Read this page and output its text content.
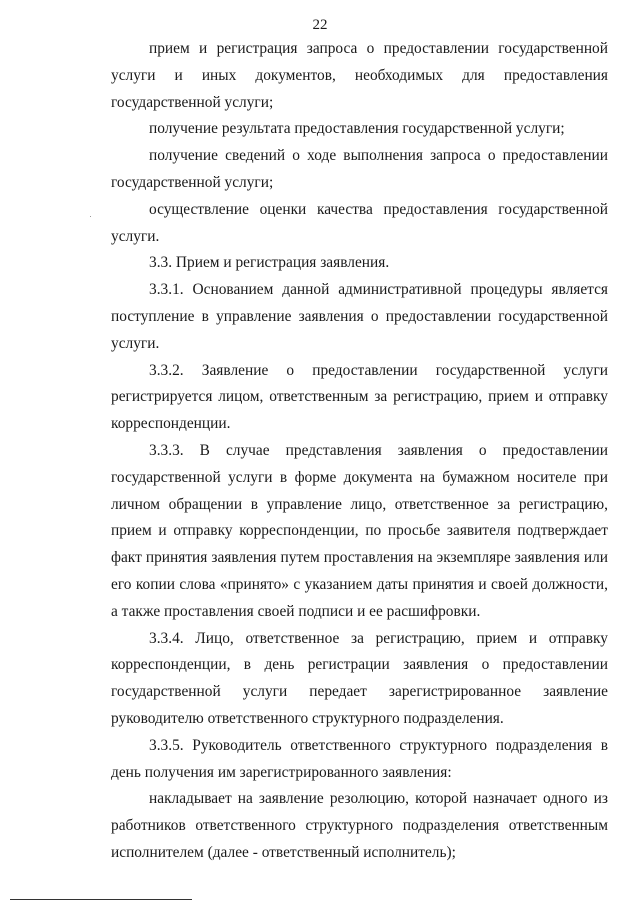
22

прием и регистрация запроса о предоставлении государственной услуги и иных документов, необходимых для предоставления государственной услуги;

получение результата предоставления государственной услуги;

получение сведений о ходе выполнения запроса о предоставлении государственной услуги;

осуществление оценки качества предоставления государственной услуги.

3.3. Прием и регистрация заявления.

3.3.1. Основанием данной административной процедуры является поступление в управление заявления о предоставлении государственной услуги.

3.3.2. Заявление о предоставлении государственной услуги регистрируется лицом, ответственным за регистрацию, прием и отправку корреспонденции.

3.3.3. В случае представления заявления о предоставлении государственной услуги в форме документа на бумажном носителе при личном обращении в управление лицо, ответственное за регистрацию, прием и отправку корреспонденции, по просьбе заявителя подтверждает факт принятия заявления путем проставления на экземпляре заявления или его копии слова «принято» с указанием даты принятия и своей должности, а также проставления своей подписи и ее расшифровки.

3.3.4. Лицо, ответственное за регистрацию, прием и отправку корреспонденции, в день регистрации заявления о предоставлении государственной услуги передает зарегистрированное заявление руководителю ответственного структурного подразделения.

3.3.5. Руководитель ответственного структурного подразделения в день получения им зарегистрированного заявления:

накладывает на заявление резолюцию, которой назначает одного из работников ответственного структурного подразделения ответственным исполнителем (далее - ответственный исполнитель);
